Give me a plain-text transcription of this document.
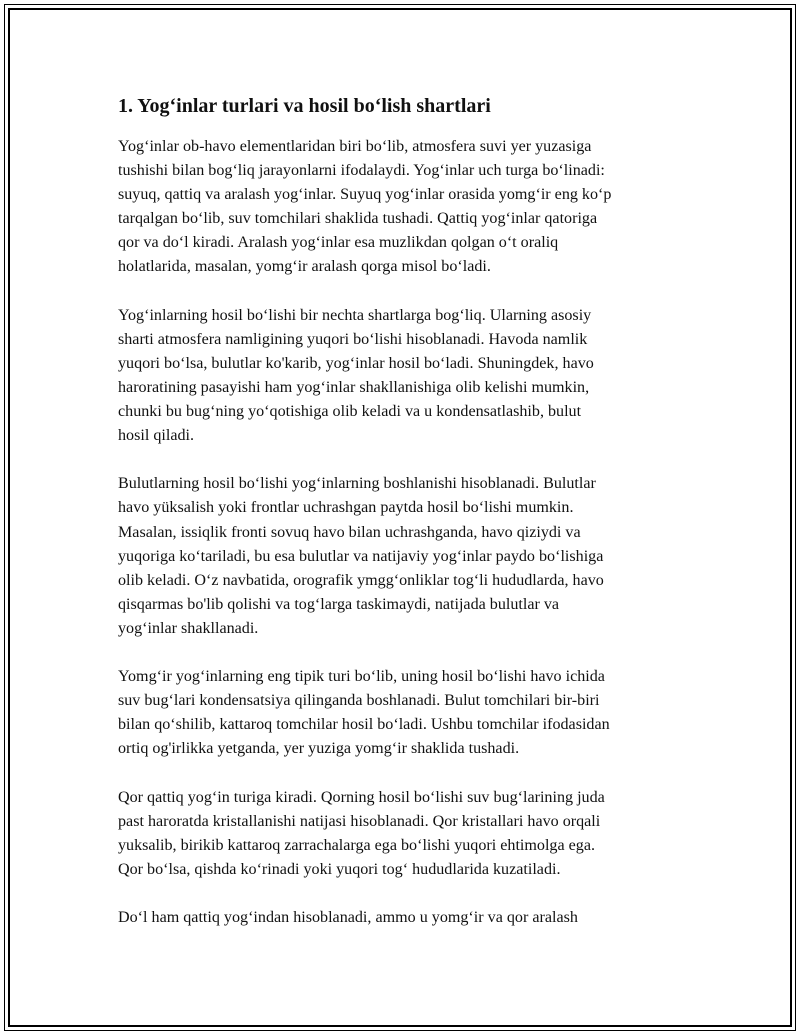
1. Yog‘inlar turlari va hosil bo‘lish shartlari

Yog‘inlar ob-havo elementlaridan biri bo‘lib, atmosfera suvi yer yuzasiga
tushishi bilan bog‘liq jarayonlarni ifodalaydi. Yog‘inlar uch turga bo‘linadi:
suyuq, qattiq va aralash yog‘inlar. Suyuq yog‘inlar orasida yomg‘ir eng ko‘p
tarqalgan bo‘lib, suv tomchilari shaklida tushadi. Qattiq yog‘inlar qatoriga
qor va do‘l kiradi. Aralash yog‘inlar esa muzlikdan qolgan o‘t oraliq
holatlarida, masalan, yomg‘ir aralash qorga misol bo‘ladi.

Yog‘inlarning hosil bo‘lishi bir nechta shartlarga bog‘liq. Ularning asosiy
sharti atmosfera namligining yuqori bo‘lishi hisoblanadi. Havoda namlik
yuqori bo‘lsa, bulutlar ko'karib, yog‘inlar hosil bo‘ladi. Shuningdek, havo
haroratining pasayishi ham yog‘inlar shakllanishiga olib kelishi mumkin,
chunki bu bug‘ning yo‘qotishiga olib keladi va u kondensatlashib, bulut
hosil qiladi.

Bulutlarning hosil bo‘lishi yog‘inlarning boshlanishi hisoblanadi. Bulutlar
havo yüksalish yoki frontlar uchrashgan paytda hosil bo‘lishi mumkin.
Masalan, issiqlik fronti sovuq havo bilan uchrashganda, havo qiziydi va
yuqoriga ko‘tariladi, bu esa bulutlar va natijaviy yog‘inlar paydo bo‘lishiga
olib keladi. O‘z navbatida, orografik ymgg‘onliklar tog‘li hududlarda, havo
qisqarmas bo'lib qolishi va tog‘larga taskimaydi, natijada bulutlar va
yog‘inlar shakllanadi.

Yomg‘ir yog‘inlarning eng tipik turi bo‘lib, uning hosil bo‘lishi havo ichida
suv bug‘lari kondensatsiya qilinganda boshlanadi. Bulut tomchilari bir-biri
bilan qo‘shilib, kattaroq tomchilar hosil bo‘ladi. Ushbu tomchilar ifodasidan
ortiq og'irlikka yetganda, yer yuziga yomg‘ir shaklida tushadi.

Qor qattiq yog‘in turiga kiradi. Qorning hosil bo‘lishi suv bug‘larining juda
past haroratda kristallanishi natijasi hisoblanadi. Qor kristallari havo orqali
yuksalib, birikib kattaroq zarrachalarga ega bo‘lishi yuqori ehtimolga ega.
Qor bo‘lsa, qishda ko‘rinadi yoki yuqori tog‘ hududlarida kuzatiladi.

Do‘l ham qattiq yog‘indan hisoblanadi, ammo u yomg‘ir va qor aralash
